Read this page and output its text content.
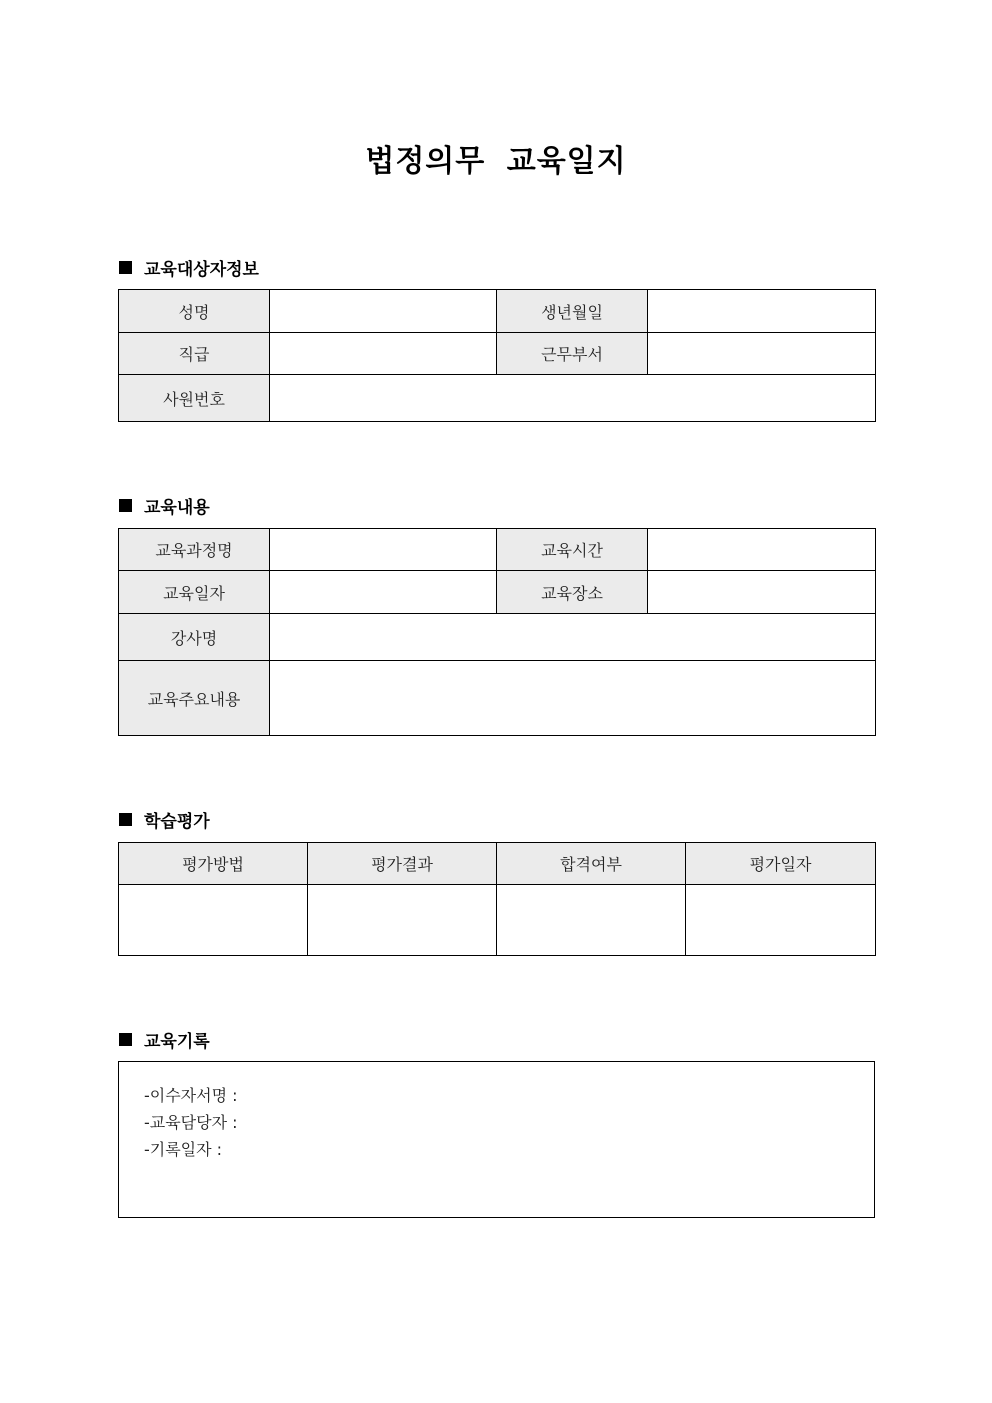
법정의무 교육일지
교육대상자정보
성명		생년월일	
직급		근무부서	
사원번호			
교육내용
교육과정명		교육시간	
교육일자		교육장소	
강사명			
교육주요내용			
학습평가
평가방법	평가결과	합격여부	평가일자

교육기록
-이수자서명 :
-교육담당자 :
-기록일자 :
